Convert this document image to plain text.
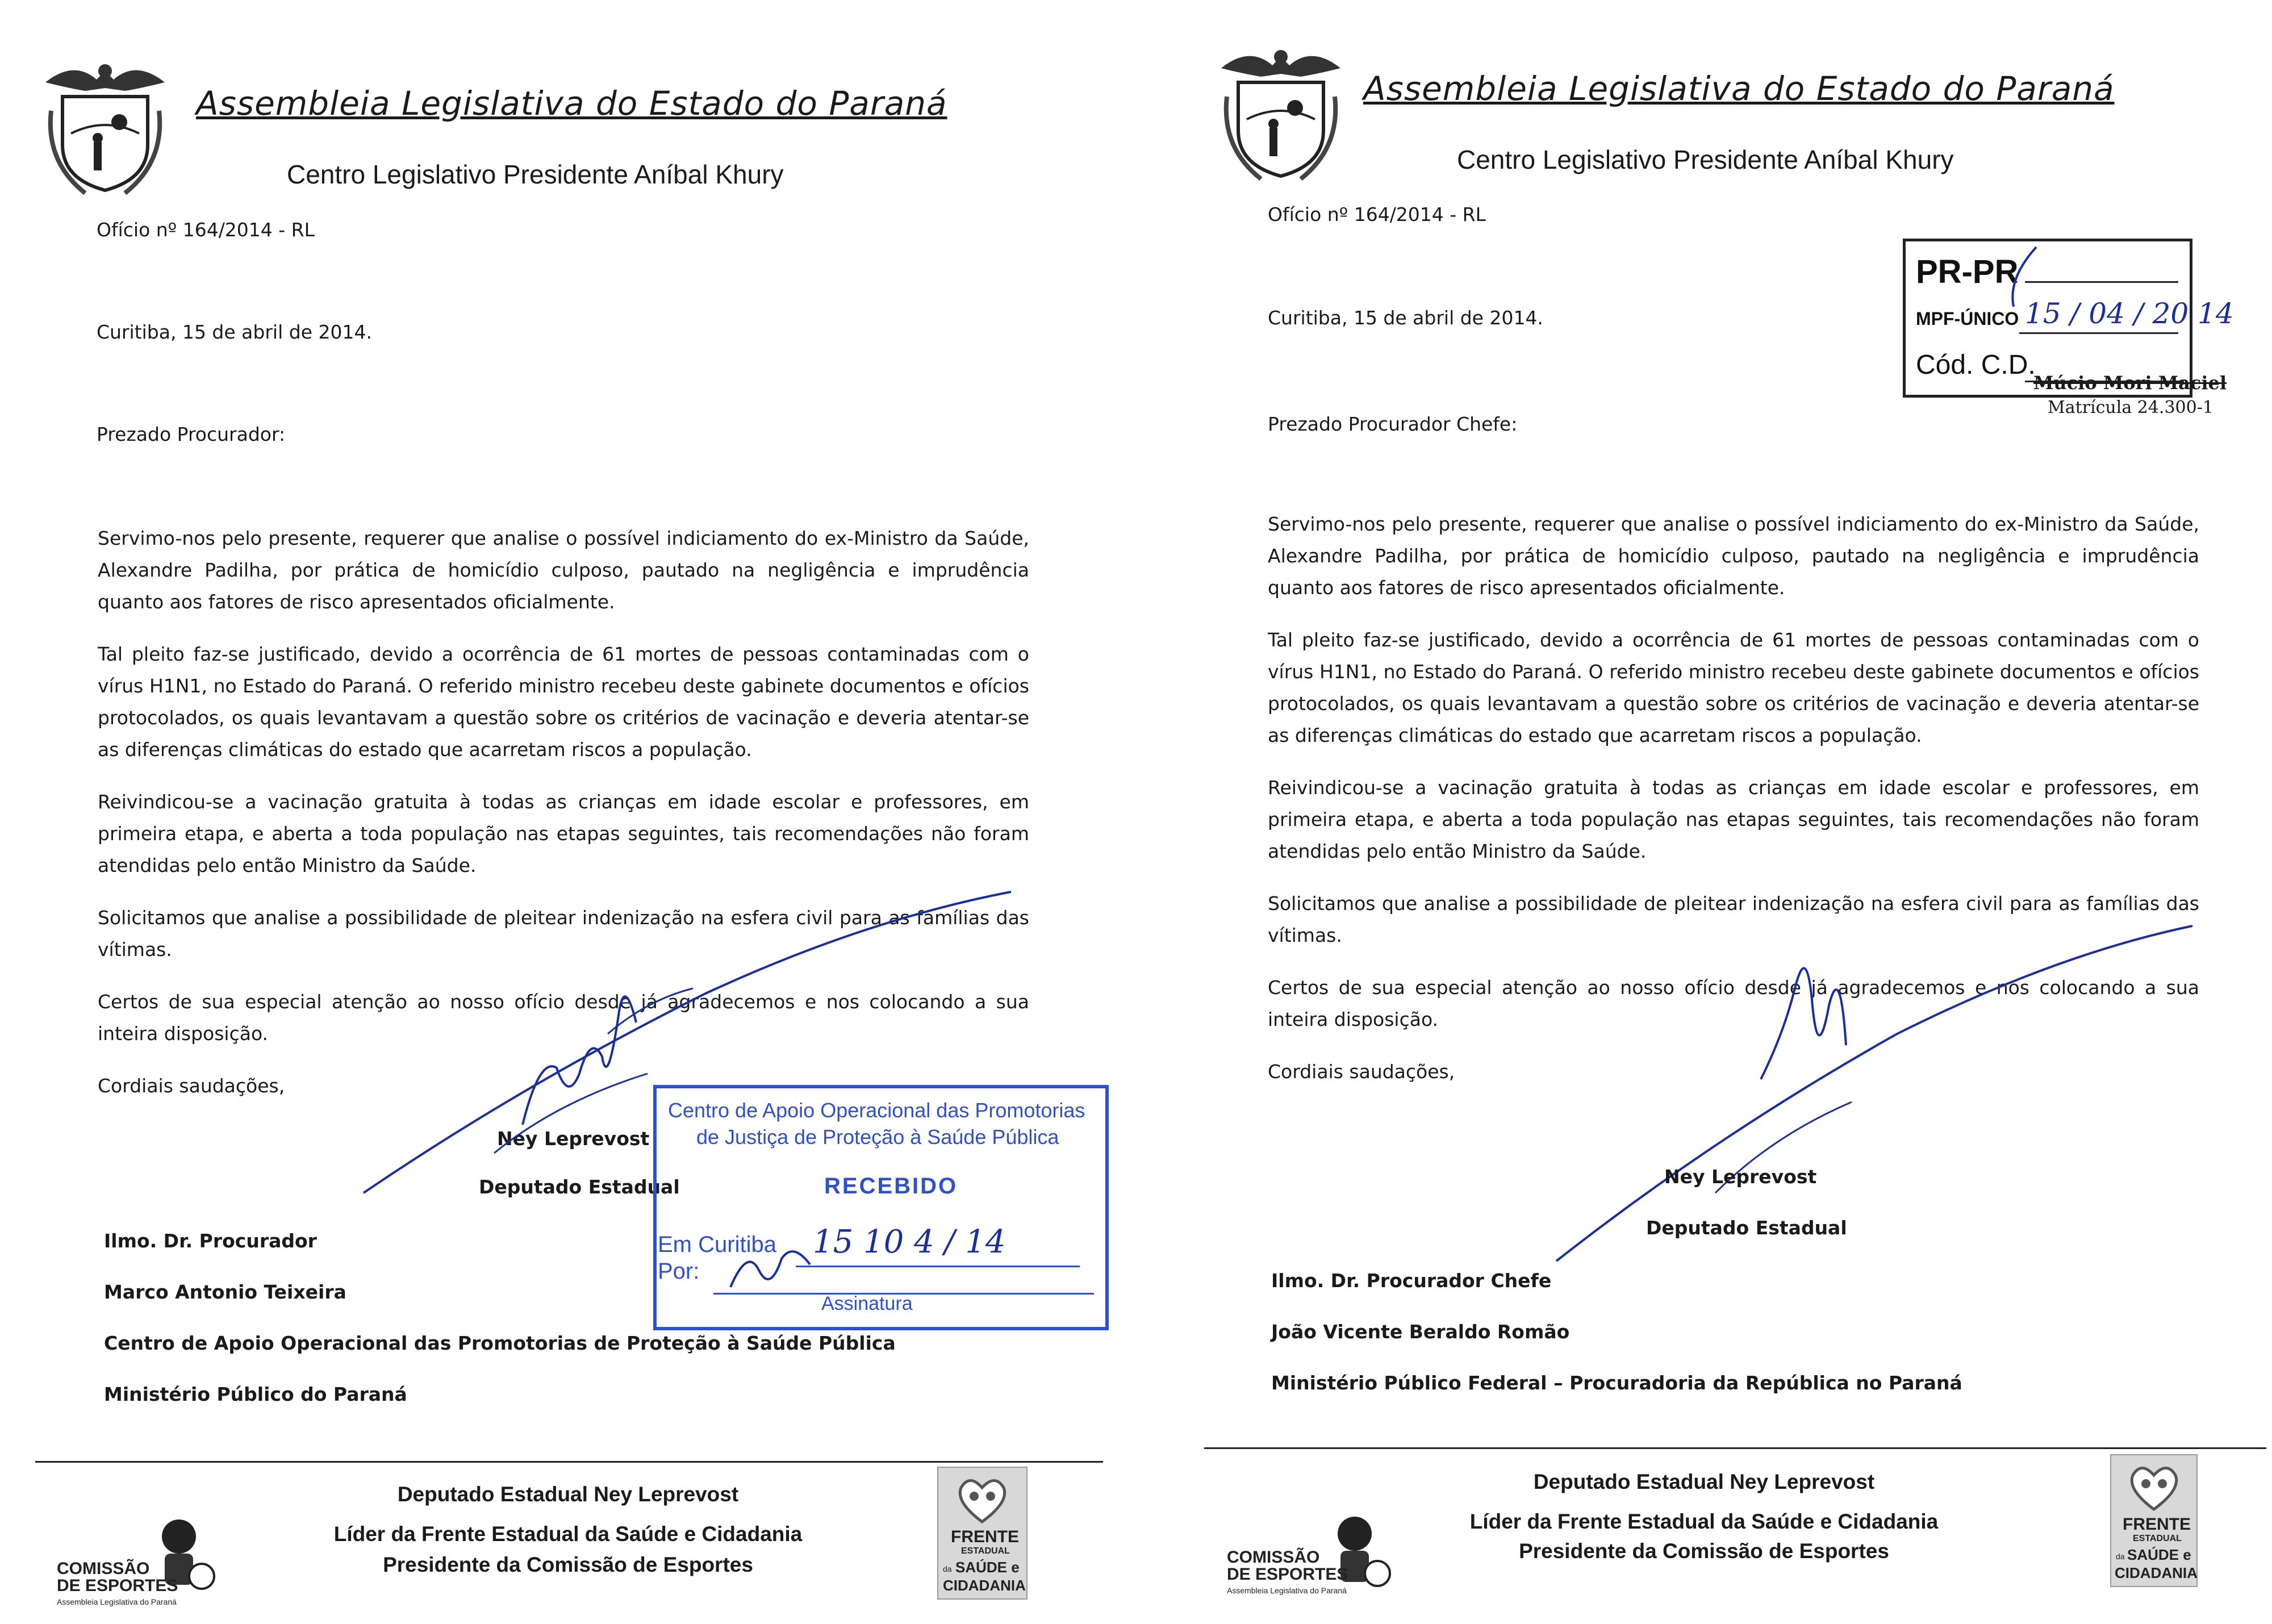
Assembleia Legislativa do Estado do Paraná
Centro Legislativo Presidente Aníbal Khury
Ofício nº 164/2014 - RL
Curitiba, 15 de abril de 2014.
Prezado Procurador:

Servimo-nos pelo presente, requerer que analise o possível indiciamento do ex-Ministro da Saúde, Alexandre Padilha, por prática de homicídio culposo, pautado na negligência e imprudência quanto aos fatores de risco apresentados oficialmente.

Tal pleito faz-se justificado, devido a ocorrência de 61 mortes de pessoas contaminadas com o vírus H1N1, no Estado do Paraná. O referido ministro recebeu deste gabinete documentos e ofícios protocolados, os quais levantavam a questão sobre os critérios de vacinação e deveria atentar-se as diferenças climáticas do estado que acarretam riscos a população.

Reivindicou-se a vacinação gratuita à todas as crianças em idade escolar e professores, em primeira etapa, e aberta a toda população nas etapas seguintes, tais recomendações não foram atendidas pelo então Ministro da Saúde.

Solicitamos que analise a possibilidade de pleitear indenização na esfera civil para as famílias das vítimas.

Certos de sua especial atenção ao nosso ofício desde já agradecemos e nos colocando a sua inteira disposição.

Cordiais saudações,

Ney Leprevost
Deputado Estadual
Ilmo. Dr. Procurador
Marco Antonio Teixeira
Centro de Apoio Operacional das Promotorias de Proteção à Saúde Pública
Ministério Público do Paraná
Centro de Apoio Operacional das Promotorias
de Justiça de Proteção à Saúde Pública
RECEBIDO
Em Curitiba 15 10 4 / 14
Por:
Assinatura
Deputado Estadual Ney Leprevost
Líder da Frente Estadual da Saúde e Cidadania
Presidente da Comissão de Esportes
COMISSÃO
DE ESPORTES
Assembleia Legislativa do Paraná
FRENTE
ESTADUAL
da SAÚDE e
CIDADANIA
Assembleia Legislativa do Estado do Paraná
Centro Legislativo Presidente Aníbal Khury
Ofício nº 164/2014 - RL
Curitiba, 15 de abril de 2014.
Prezado Procurador Chefe:
PR-PR
MPF-ÚNICO 15 / 04 / 20 14
Cód. C.D.
Múcio Mori Maciel
Matrícula 24.300-1

Servimo-nos pelo presente, requerer que analise o possível indiciamento do ex-Ministro da Saúde, Alexandre Padilha, por prática de homicídio culposo, pautado na negligência e imprudência quanto aos fatores de risco apresentados oficialmente.

Tal pleito faz-se justificado, devido a ocorrência de 61 mortes de pessoas contaminadas com o vírus H1N1, no Estado do Paraná. O referido ministro recebeu deste gabinete documentos e ofícios protocolados, os quais levantavam a questão sobre os critérios de vacinação e deveria atentar-se as diferenças climáticas do estado que acarretam riscos a população.

Reivindicou-se a vacinação gratuita à todas as crianças em idade escolar e professores, em primeira etapa, e aberta a toda população nas etapas seguintes, tais recomendações não foram atendidas pelo então Ministro da Saúde.

Solicitamos que analise a possibilidade de pleitear indenização na esfera civil para as famílias das vítimas.

Certos de sua especial atenção ao nosso ofício desde já agradecemos e nos colocando a sua inteira disposição.

Cordiais saudações,

Ney Leprevost
Deputado Estadual
Ilmo. Dr. Procurador Chefe
João Vicente Beraldo Romão
Ministério Público Federal – Procuradoria da República no Paraná
Deputado Estadual Ney Leprevost
Líder da Frente Estadual da Saúde e Cidadania
Presidente da Comissão de Esportes
COMISSÃO
DE ESPORTES
Assembleia Legislativa do Paraná
FRENTE
ESTADUAL
da SAÚDE e
CIDADANIA
